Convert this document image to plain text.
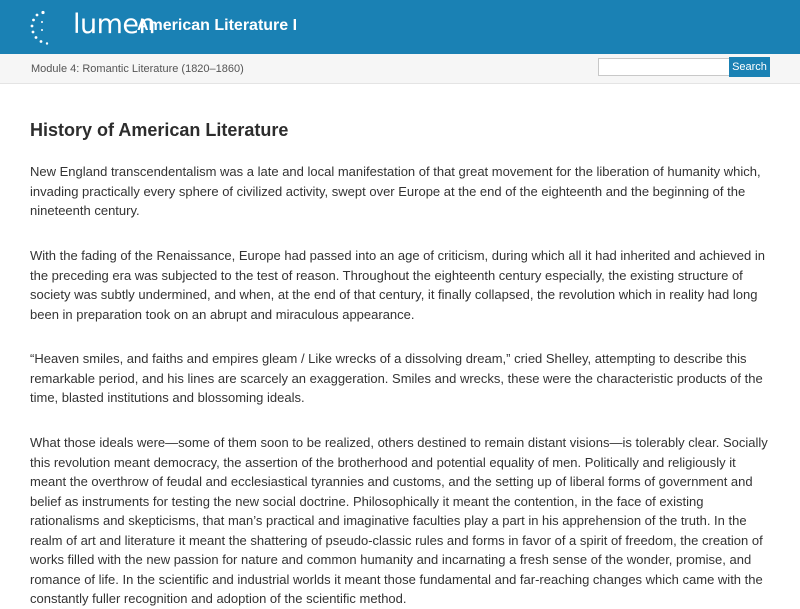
lumen
American Literature I
Module 4: Romantic Literature (1820–1860)	Search
History of American Literature

New England transcendentalism was a late and local manifestation of that great movement for the liberation of humanity which, invading practically every sphere of civilized activity, swept over Europe at the end of the eighteenth and the beginning of the nineteenth century.

With the fading of the Renaissance, Europe had passed into an age of criticism, during which all it had inherited and achieved in the preceding era was subjected to the test of reason. Throughout the eighteenth century especially, the existing structure of society was subtly undermined, and when, at the end of that century, it finally collapsed, the revolution which in reality had long been in preparation took on an abrupt and miraculous appearance.

“Heaven smiles, and faiths and empires gleam / Like wrecks of a dissolving dream,” cried Shelley, attempting to describe this remarkable period, and his lines are scarcely an exaggeration. Smiles and wrecks, these were the characteristic products of the time, blasted institutions and blossoming ideals.

What those ideals were—some of them soon to be realized, others destined to remain distant visions—is tolerably clear. Socially this revolution meant democracy, the assertion of the brotherhood and potential equality of men. Politically and religiously it meant the overthrow of feudal and ecclesiastical tyrannies and customs, and the setting up of liberal forms of government and belief as instruments for testing the new social doctrine. Philosophically it meant the contention, in the face of existing rationalisms and skepticisms, that man’s practical and imaginative faculties play a part in his apprehension of the truth. In the realm of art and literature it meant the shattering of pseudo-classic rules and forms in favor of a spirit of freedom, the creation of works filled with the new passion for nature and common humanity and incarnating a fresh sense of the wonder, promise, and romance of life. In the scientific and industrial worlds it meant those fundamental and far-reaching changes which came with the constantly fuller recognition and adoption of the scientific method.
